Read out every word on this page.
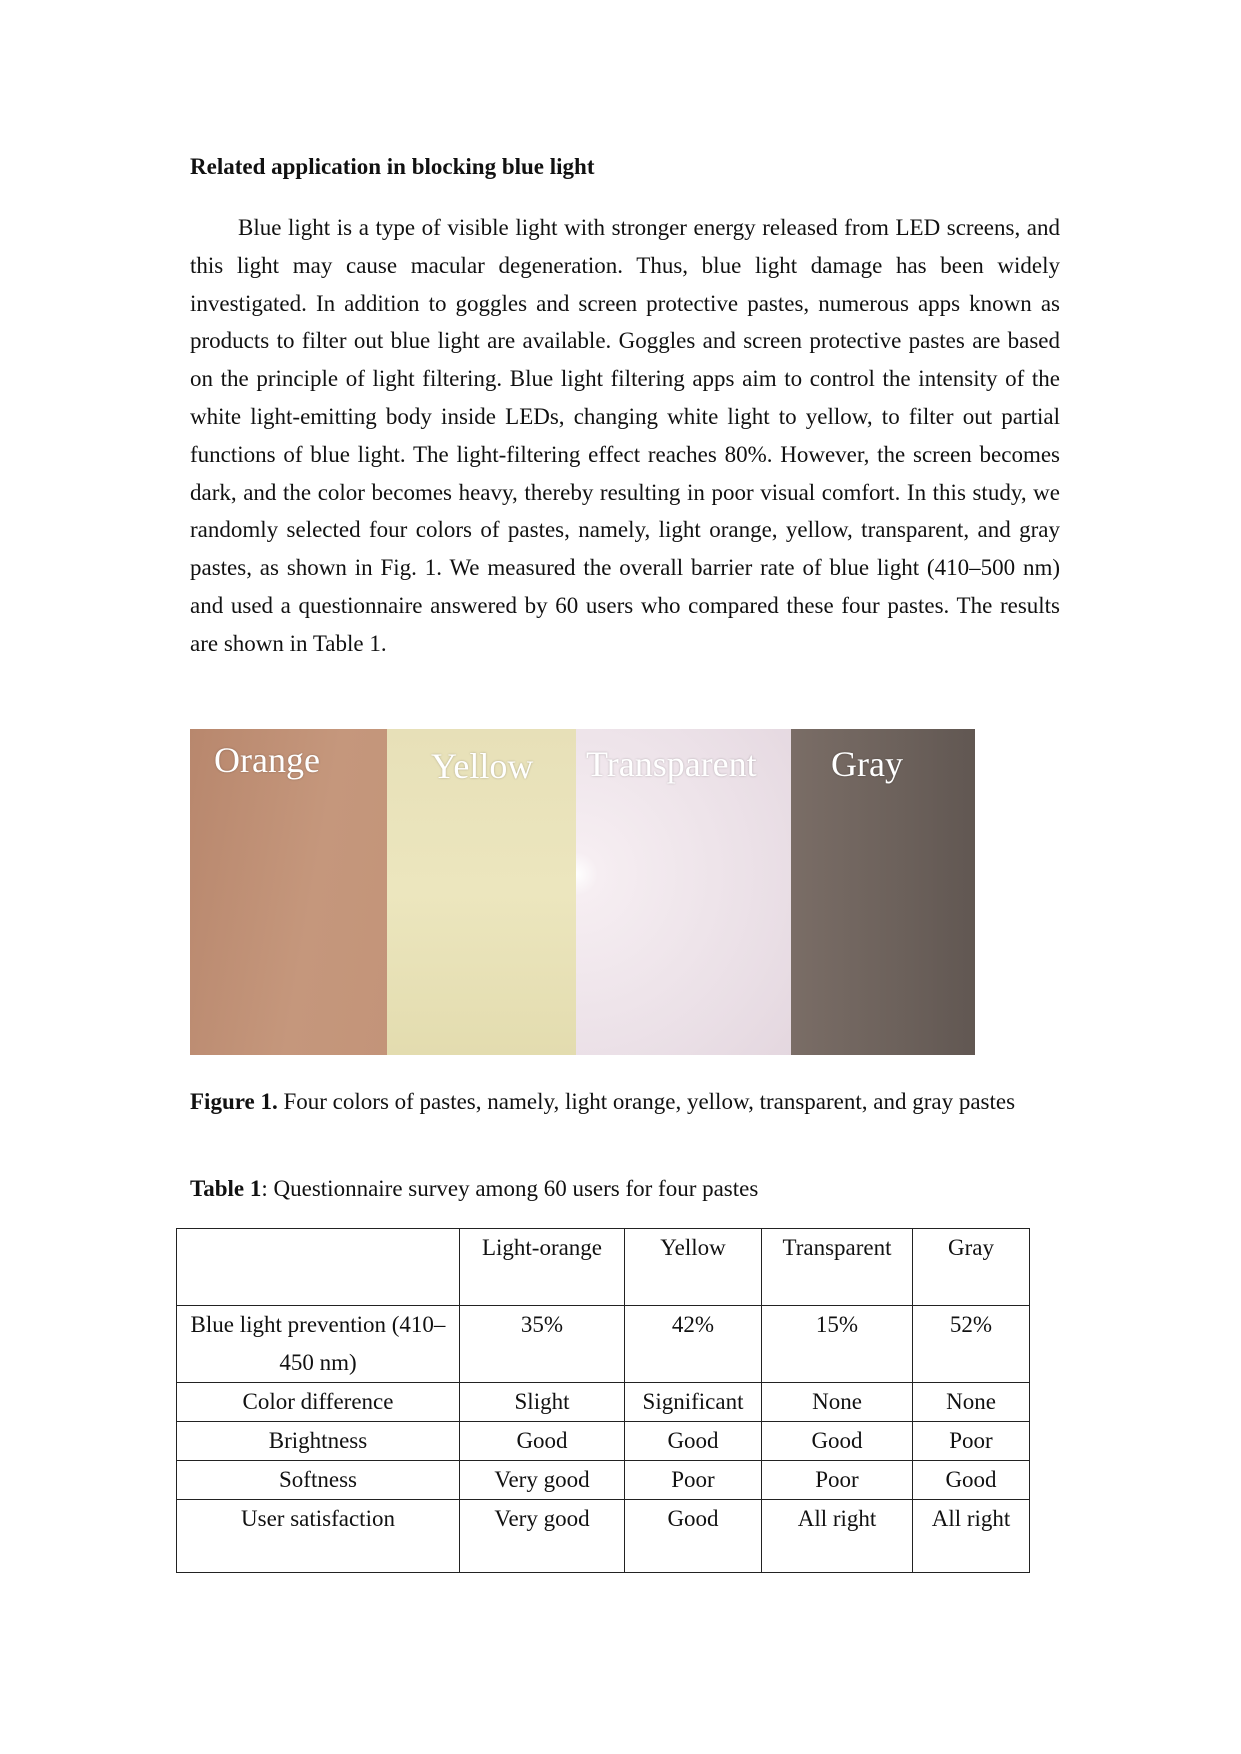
Related application in blocking blue light

Blue light is a type of visible light with stronger energy released from LED screens, and this light may cause macular degeneration. Thus, blue light damage has been widely investigated. In addition to goggles and screen protective pastes, numerous apps known as products to filter out blue light are available. Goggles and screen protective pastes are based on the principle of light filtering. Blue light filtering apps aim to control the intensity of the white light-emitting body inside LEDs, changing white light to yellow, to filter out partial functions of blue light. The light-filtering effect reaches 80%. However, the screen becomes dark, and the color becomes heavy, thereby resulting in poor visual comfort. In this study, we randomly selected four colors of pastes, namely, light orange, yellow, transparent, and gray pastes, as shown in Fig. 1. We measured the overall barrier rate of blue light (410–500 nm) and used a questionnaire answered by 60 users who compared these four pastes. The results are shown in Table 1.

Orange	Yellow Transparent Gray

Figure 1. Four colors of pastes, namely, light orange, yellow, transparent, and gray pastes

Table 1: Questionnaire survey among 60 users for four pastes
	Light-orange	Yellow	Transparent	Gray
Blue light prevention (410–450 nm)	35%	42%	15%	52%
Color difference	Slight	Significant	None	None
Brightness	Good	Good	Good	Poor
Softness	Very good	Poor	Poor	Good
User satisfaction	Very good	Good	All right	All right
